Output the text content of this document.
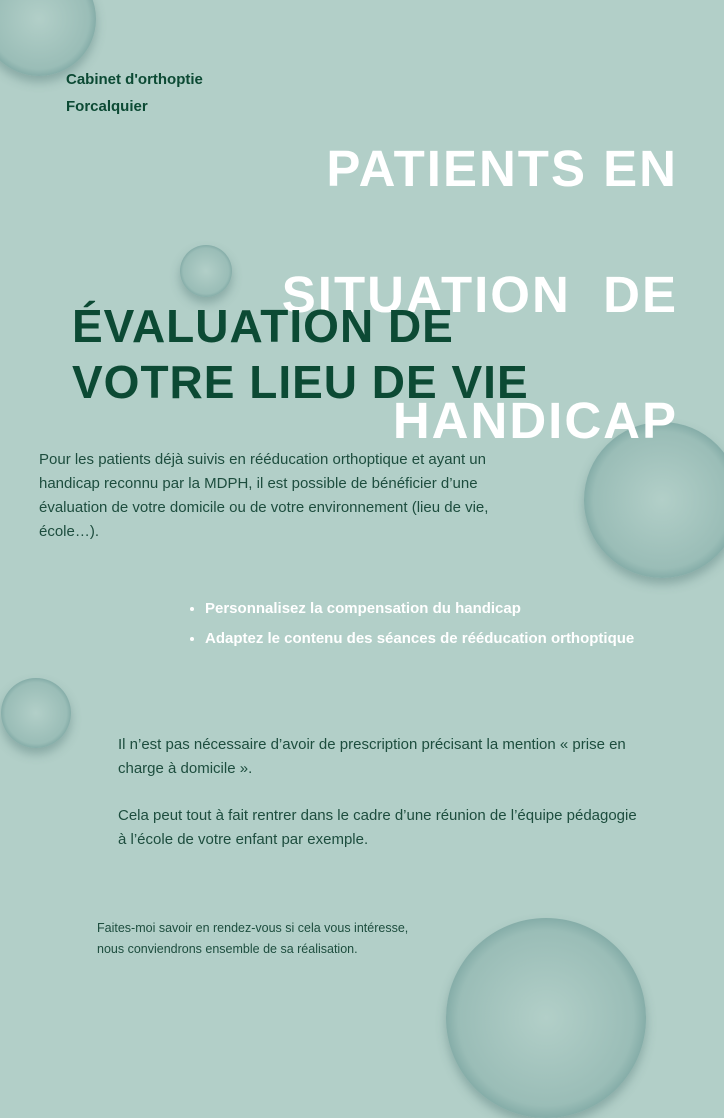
Cabinet d'orthoptie
Forcalquier

PATIENTS EN

SITUATION  DE

HANDICAP

ÉVALUATION DE
VOTRE LIEU DE VIE

Pour les patients déjà suivis en rééducation orthoptique et ayant un handicap reconnu par la MDPH, il est possible de bénéficier d’une évaluation de votre domicile ou de votre environnement (lieu de vie, école…).

• Personnalisez la compensation du handicap
• Adaptez le contenu des séances de rééducation orthoptique

Il n’est pas nécessaire d’avoir de prescription précisant la mention « prise en charge à domicile ».

Cela peut tout à fait rentrer dans le cadre d’une réunion de l’équipe pédagogie à l’école de votre enfant par exemple.

Faites-moi savoir en rendez-vous si cela vous intéresse,
nous conviendrons ensemble de sa réalisation.
